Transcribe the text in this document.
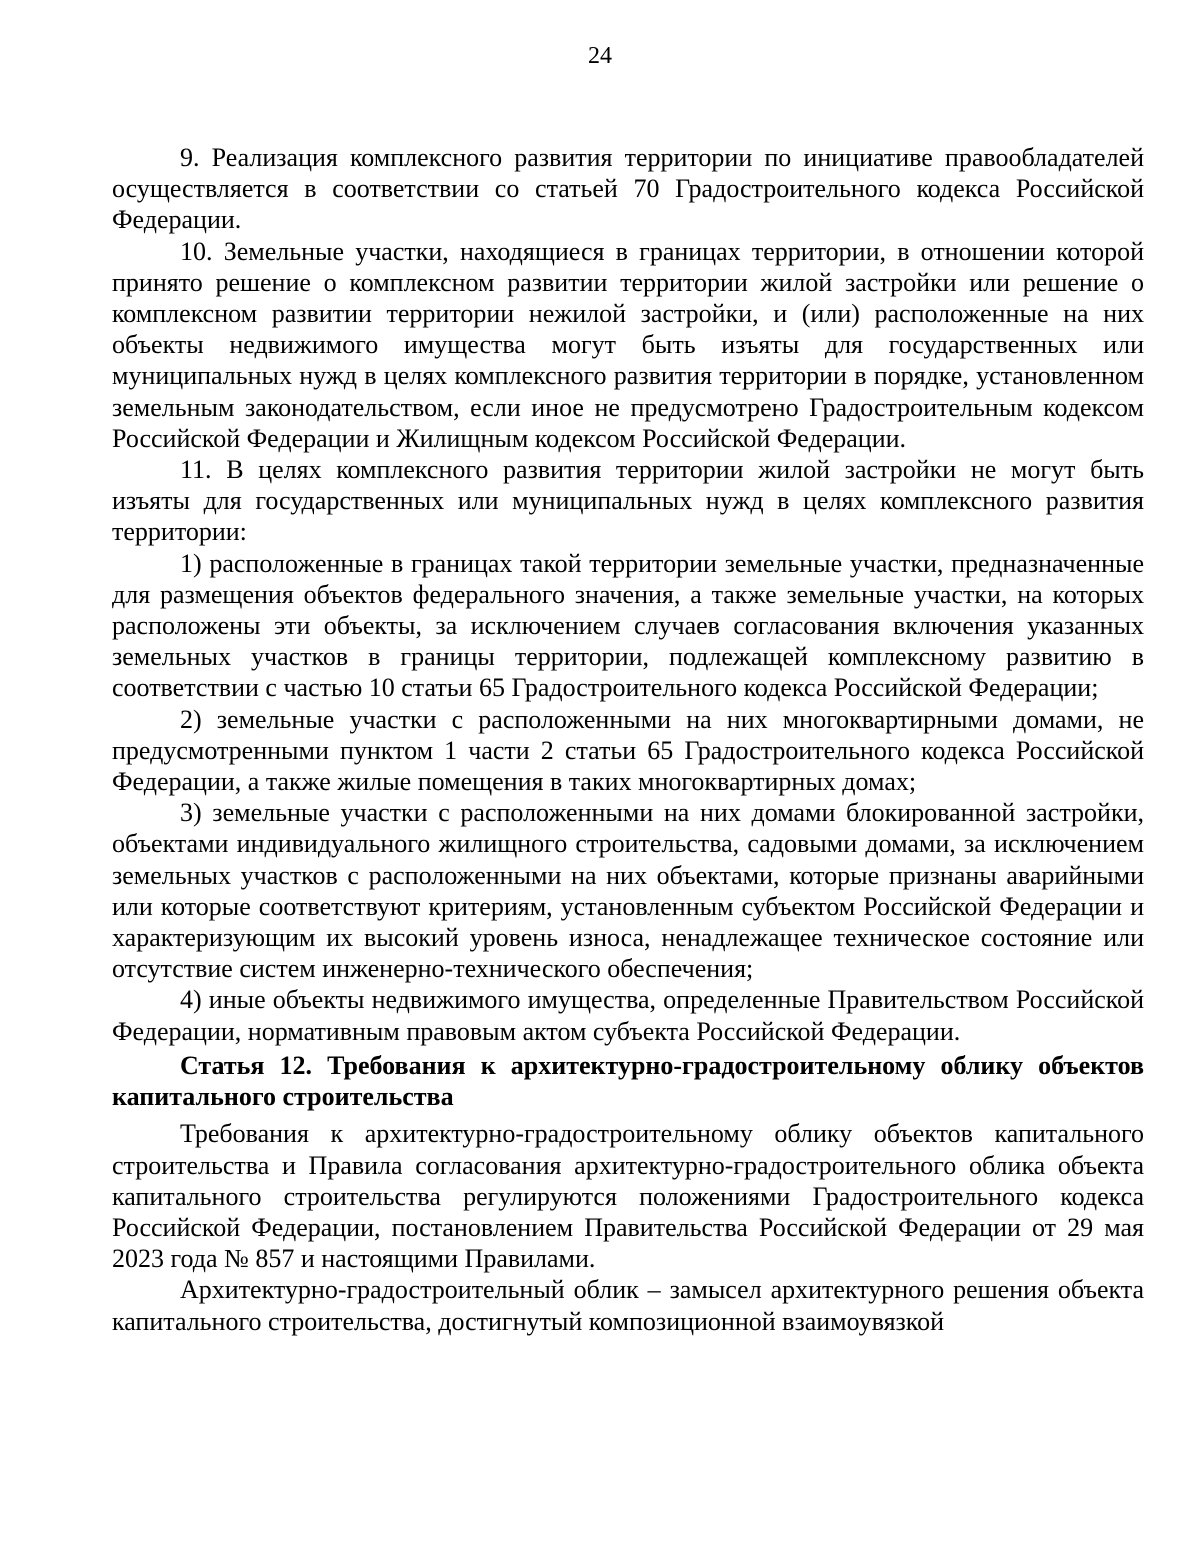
24

9. Реализация комплексного развития территории по инициативе правообладателей осуществляется в соответствии со статьей 70 Градостроительного кодекса Российской Федерации.

10. Земельные участки, находящиеся в границах территории, в отношении которой принято решение о комплексном развитии территории жилой застройки или решение о комплексном развитии территории нежилой застройки, и (или) расположенные на них объекты недвижимого имущества могут быть изъяты для государственных или муниципальных нужд в целях комплексного развития территории в порядке, установленном земельным законодательством, если иное не предусмотрено Градостроительным кодексом Российской Федерации и Жилищным кодексом Российской Федерации.

11. В целях комплексного развития территории жилой застройки не могут быть изъяты для государственных или муниципальных нужд в целях комплексного развития территории:

1) расположенные в границах такой территории земельные участки, предназначенные для размещения объектов федерального значения, а также земельные участки, на которых расположены эти объекты, за исключением случаев согласования включения указанных земельных участков в границы территории, подлежащей комплексному развитию в соответствии с частью 10 статьи 65 Градостроительного кодекса Российской Федерации;

2) земельные участки с расположенными на них многоквартирными домами, не предусмотренными пунктом 1 части 2 статьи 65 Градостроительного кодекса Российской Федерации, а также жилые помещения в таких многоквартирных домах;

3) земельные участки с расположенными на них домами блокированной застройки, объектами индивидуального жилищного строительства, садовыми домами, за исключением земельных участков с расположенными на них объектами, которые признаны аварийными или которые соответствуют критериям, установленным субъектом Российской Федерации и характеризующим их высокий уровень износа, ненадлежащее техническое состояние или отсутствие систем инженерно-технического обеспечения;

4) иные объекты недвижимого имущества, определенные Правительством Российской Федерации, нормативным правовым актом субъекта Российской Федерации.

Статья 12. Требования к архитектурно-градостроительному облику объектов капитального строительства

Требования к архитектурно-градостроительному облику объектов капитального строительства и Правила согласования архитектурно-градостроительного облика объекта капитального строительства регулируются положениями Градостроительного кодекса Российской Федерации, постановлением Правительства Российской Федерации от 29 мая 2023 года № 857 и настоящими Правилами.

Архитектурно-градостроительный облик – замысел архитектурного решения объекта капитального строительства, достигнутый композиционной взаимоувязкой
